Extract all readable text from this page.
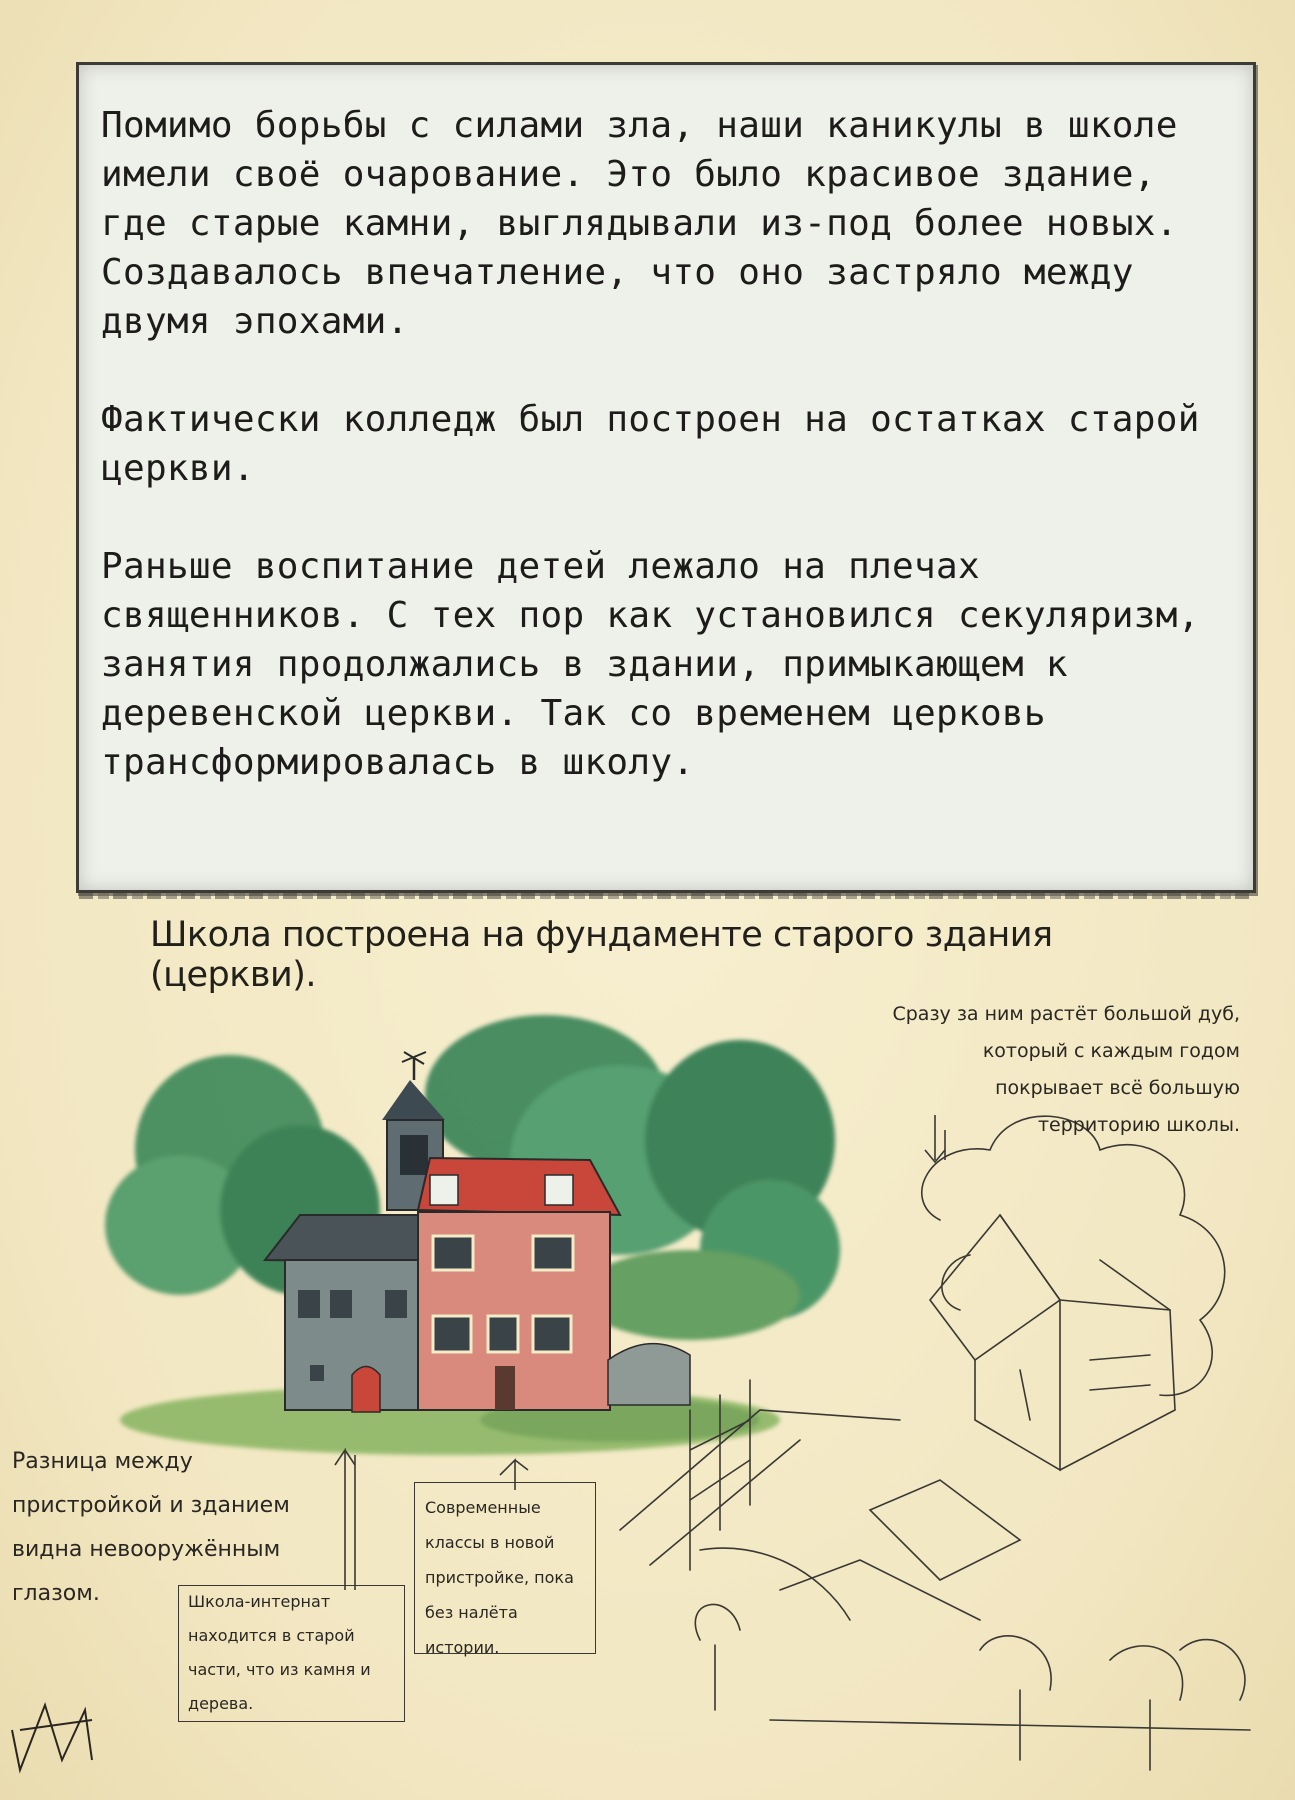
Помимо борьбы с силами зла, наши каникулы в школе имели своё очарование. Это было красивое здание, где старые камни, выглядывали из-под более новых. Создавалось впечатление, что оно застряло между двумя эпохами.

Фактически колледж был построен на остатках старой церкви.

Раньше воспитание детей лежало на плечах священников. С тех пор как установился секуляризм, занятия продолжались в здании, примыкающем к деревенской церкви. Так со временем церковь трансформировалась в школу.

Школа построена на фундаменте старого здания (церкви).
Сразу за ним растёт большой дуб, который с каждым годом покрывает всё большую территорию школы.
Разница между пристройкой и зданием видна невооружённым глазом.	Школа-интернат находится в старой части, что из камня и дерева.
Современные классы в новой пристройке, пока без налёта истории.
